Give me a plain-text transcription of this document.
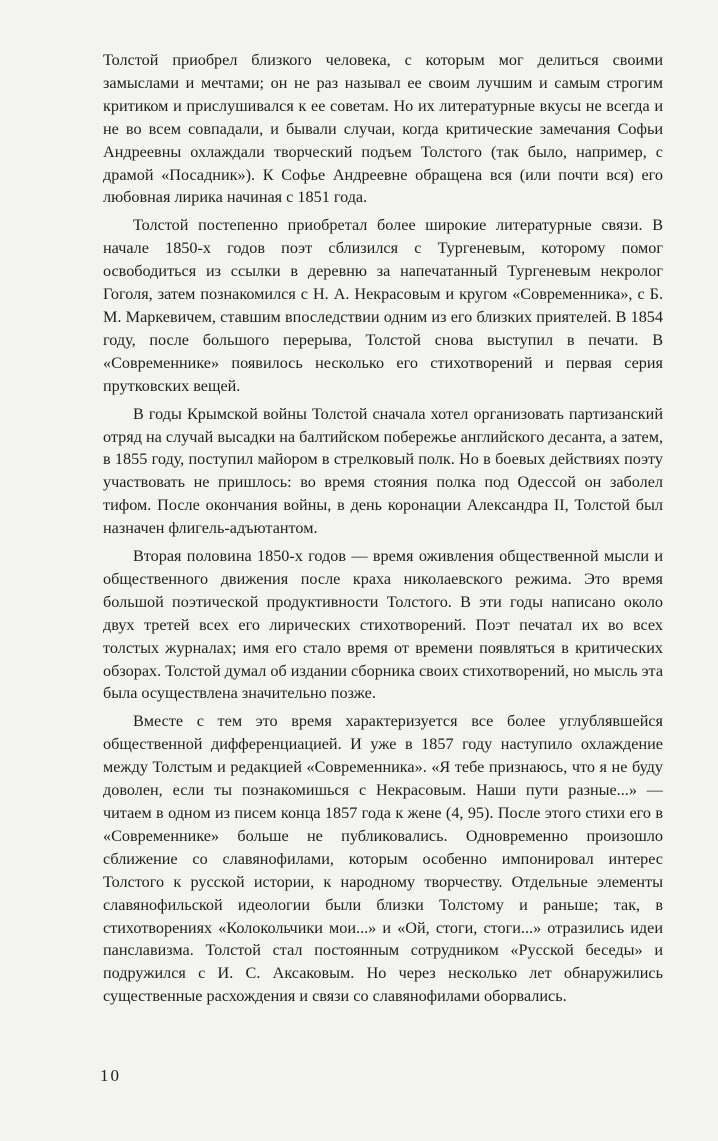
Толстой приобрел близкого человека, с которым мог делиться своими замыслами и мечтами; он не раз называл ее своим лучшим и самым строгим критиком и прислушивался к ее советам. Но их литературные вкусы не всегда и не во всем совпадали, и бывали случаи, когда критические замечания Софьи Андреевны охлаждали творческий подъем Толстого (так было, например, с драмой «Посадник»). К Софье Андреевне обращена вся (или почти вся) его любовная лирика начиная с 1851 года.

Толстой постепенно приобретал более широкие литературные связи. В начале 1850-х годов поэт сблизился с Тургеневым, которому помог освободиться из ссылки в деревню за напечатанный Тургеневым некролог Гоголя, затем познакомился с Н. А. Некрасовым и кругом «Современника», с Б. М. Маркевичем, ставшим впоследствии одним из его близких приятелей. В 1854 году, после большого перерыва, Толстой снова выступил в печати. В «Современнике» появилось несколько его стихотворений и первая серия прутковских вещей.

В годы Крымской войны Толстой сначала хотел организовать партизанский отряд на случай высадки на балтийском побережье английского десанта, а затем, в 1855 году, поступил майором в стрелковый полк. Но в боевых действиях поэту участвовать не пришлось: во время стояния полка под Одессой он заболел тифом. После окончания войны, в день коронации Александра II, Толстой был назначен флигель-адъютантом.

Вторая половина 1850-х годов — время оживления общественной мысли и общественного движения после краха николаевского режима. Это время большой поэтической продуктивности Толстого. В эти годы написано около двух третей всех его лирических стихотворений. Поэт печатал их во всех толстых журналах; имя его стало время от времени появляться в критических обзорах. Толстой думал об издании сборника своих стихотворений, но мысль эта была осуществлена значительно позже.

Вместе с тем это время характеризуется все более углублявшейся общественной дифференциацией. И уже в 1857 году наступило охлаждение между Толстым и редакцией «Современника». «Я тебе признаюсь, что я не буду доволен, если ты познакомишься с Некрасовым. Наши пути разные...» — читаем в одном из писем конца 1857 года к жене (4, 95). После этого стихи его в «Современнике» больше не публиковались. Одновременно произошло сближение со славянофилами, которым особенно импонировал интерес Толстого к русской истории, к народному творчеству. Отдельные элементы славянофильской идеологии были близки Толстому и раньше; так, в стихотворениях «Колокольчики мои...» и «Ой, стоги, стоги...» отразились идеи панславизма. Толстой стал постоянным сотрудником «Русской беседы» и подружился с И. С. Аксаковым. Но через несколько лет обнаружились существенные расхождения и связи со славянофилами оборвались.

10
